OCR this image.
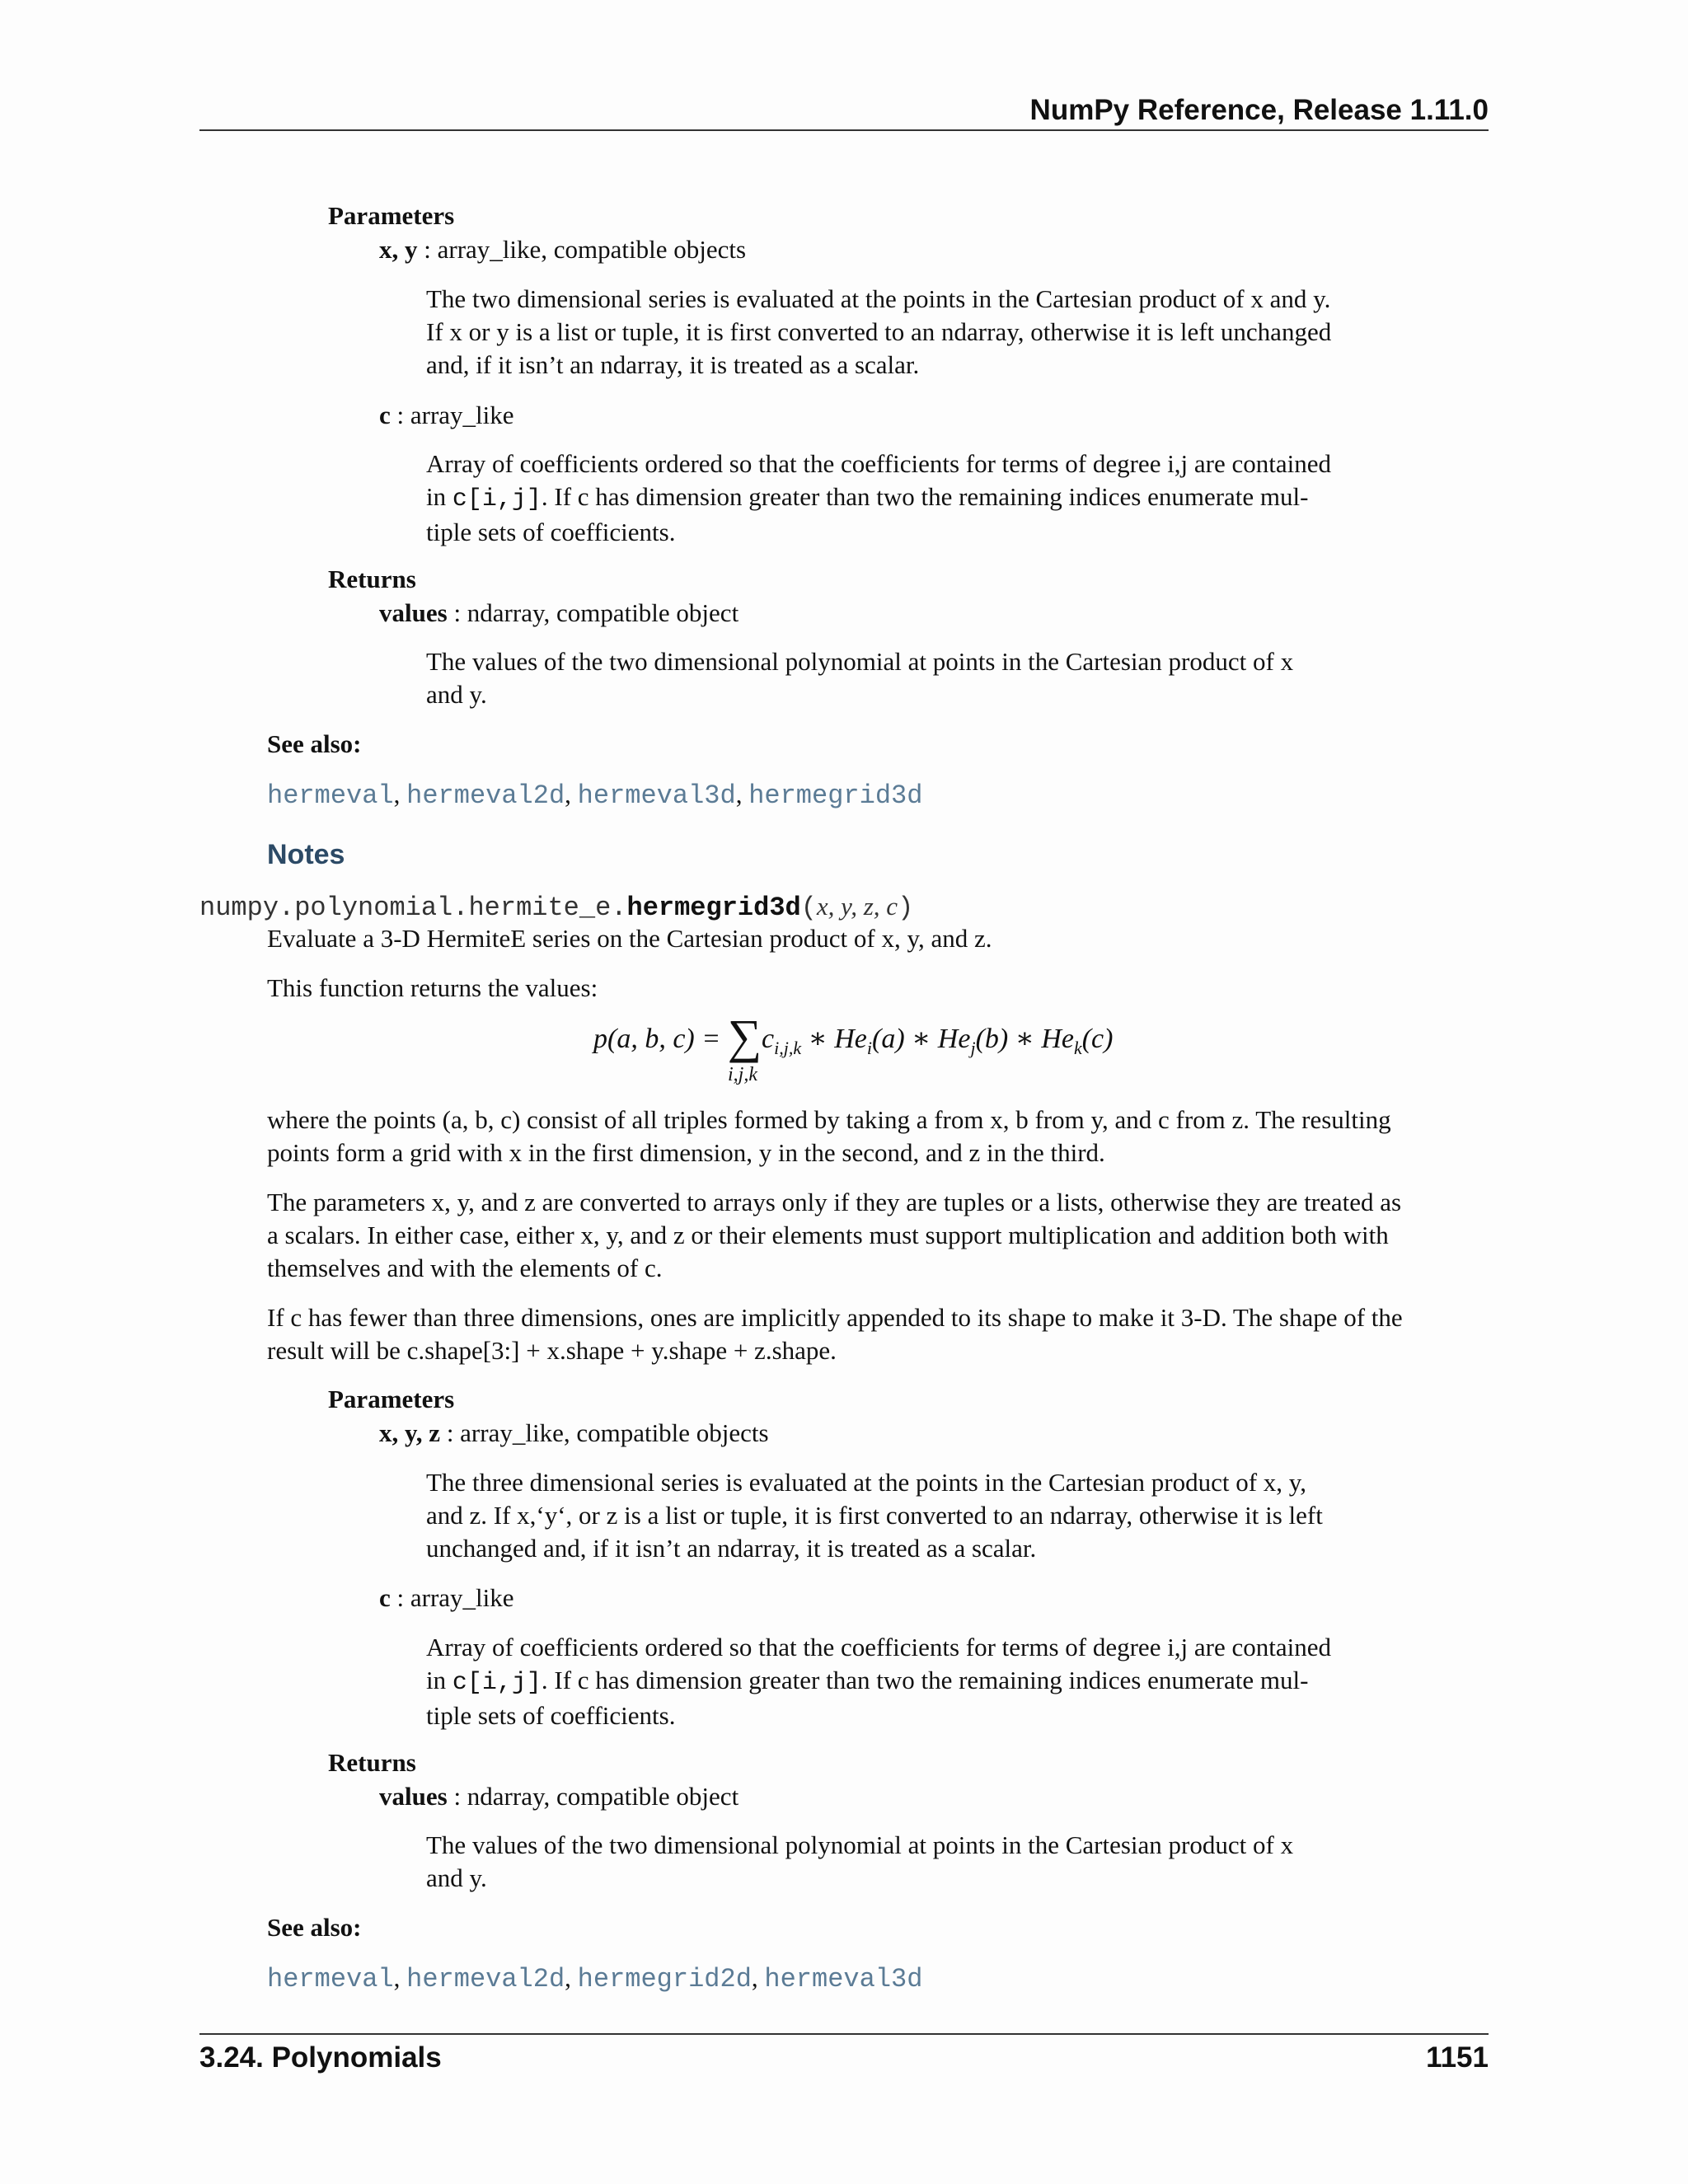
NumPy Reference, Release 1.11.0
Parameters
x, y : array_like, compatible objects
The two dimensional series is evaluated at the points in the Cartesian product of x and y.
If x or y is a list or tuple, it is first converted to an ndarray, otherwise it is left unchanged
and, if it isn’t an ndarray, it is treated as a scalar.
c : array_like
Array of coefficients ordered so that the coefficients for terms of degree i,j are contained
in c[i,j]. If c has dimension greater than two the remaining indices enumerate mul-
tiple sets of coefficients.
Returns
values : ndarray, compatible object
The values of the two dimensional polynomial at points in the Cartesian product of x
and y.
See also:
hermeval, hermeval2d, hermeval3d, hermegrid3d
Notes
numpy.polynomial.hermite_e.hermegrid3d(x, y, z, c)
Evaluate a 3-D HermiteE series on the Cartesian product of x, y, and z.
This function returns the values:
p(a, b, $c) = \sum c_{i,j,k}$ ∗ $He_i(a)$ ∗ $He_j(b)$ ∗ $He_k(c)$
i,j,k
where the points (a, b, c) consist of all triples formed by taking a from x, b from y, and c from z. The resulting
points form a grid with x in the first dimension, y in the second, and z in the third.
The parameters x, y, and z are converted to arrays only if they are tuples or a lists, otherwise they are treated as
a scalars. In either case, either x, y, and z or their elements must support multiplication and addition both with
themselves and with the elements of c.
If c has fewer than three dimensions, ones are implicitly appended to its shape to make it 3-D. The shape of the
result will be c.shape[3:] + x.shape + y.shape + z.shape.
Parameters
x, y, z : array_like, compatible objects
The three dimensional series is evaluated at the points in the Cartesian product of x, y,
and z. If x,‘y‘, or z is a list or tuple, it is first converted to an ndarray, otherwise it is left
unchanged and, if it isn’t an ndarray, it is treated as a scalar.
c : array_like
Array of coefficients ordered so that the coefficients for terms of degree i,j are contained
in c[i,j]. If c has dimension greater than two the remaining indices enumerate mul-
tiple sets of coefficients.
Returns
values : ndarray, compatible object
The values of the two dimensional polynomial at points in the Cartesian product of x
and y.
See also:
hermeval, hermeval2d, hermegrid2d, hermeval3d
3.24. Polynomials	1151
